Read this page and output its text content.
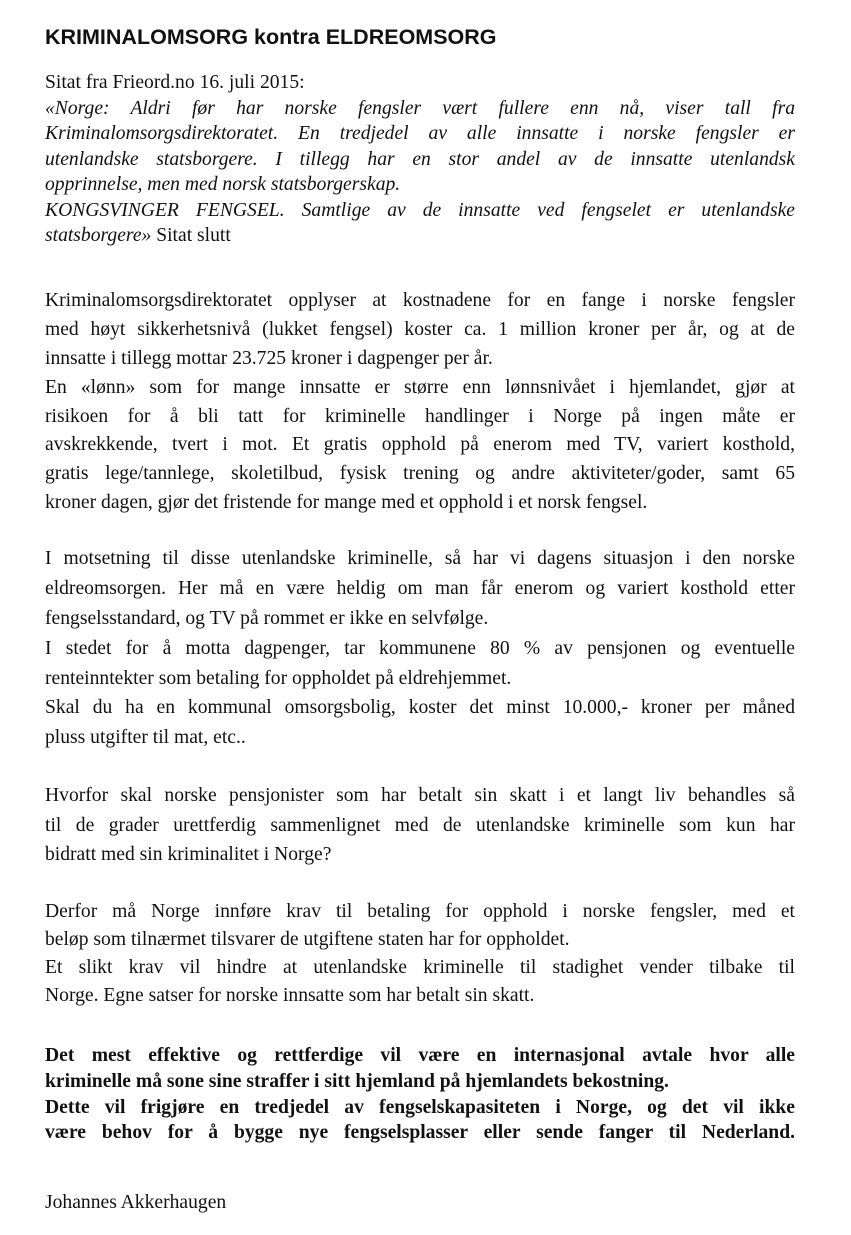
KRIMINALOMSORG kontra ELDREOMSORG
Sitat fra Frieord.no 16. juli 2015:
«Norge: Aldri før har norske fengsler vært fullere enn nå, viser tall fra
Kriminalomsorgsdirektoratet. En tredjedel av alle innsatte i norske fengsler er
utenlandske statsborgere. I tillegg har en stor andel av de innsatte utenlandsk
opprinnelse, men med norsk statsborgerskap.
KONGSVINGER FENGSEL. Samtlige av de innsatte ved fengselet er utenlandske
statsborgere» Sitat slutt
Kriminalomsorgsdirektoratet opplyser at kostnadene for en fange i norske fengsler
med høyt sikkerhetsnivå (lukket fengsel) koster ca. 1 million kroner per år, og at de
innsatte i tillegg mottar 23.725 kroner i dagpenger per år.
En «lønn» som for mange innsatte er større enn lønnsnivået i hjemlandet, gjør at
risikoen for å bli tatt for kriminelle handlinger i Norge på ingen måte er
avskrekkende, tvert i mot. Et gratis opphold på enerom med TV, variert kosthold,
gratis lege/tannlege, skoletilbud, fysisk trening og andre aktiviteter/goder, samt 65
kroner dagen, gjør det fristende for mange med et opphold i et norsk fengsel.
I motsetning til disse utenlandske kriminelle, så har vi dagens situasjon i den norske
eldreomsorgen. Her må en være heldig om man får enerom og variert kosthold etter
fengselsstandard, og TV på rommet er ikke en selvfølge.
I stedet for å motta dagpenger, tar kommunene 80 % av pensjonen og eventuelle
renteinntekter som betaling for oppholdet på eldrehjemmet.
Skal du ha en kommunal omsorgsbolig, koster det minst 10.000,- kroner per måned
pluss utgifter til mat, etc..
Hvorfor skal norske pensjonister som har betalt sin skatt i et langt liv behandles så
til de grader urettferdig sammenlignet med de utenlandske kriminelle som kun har
bidratt med sin kriminalitet i Norge?
Derfor må Norge innføre krav til betaling for opphold i norske fengsler, med et
beløp som tilnærmet tilsvarer de utgiftene staten har for oppholdet.
Et slikt krav vil hindre at utenlandske kriminelle til stadighet vender tilbake til
Norge. Egne satser for norske innsatte som har betalt sin skatt.
Det mest effektive og rettferdige vil være en internasjonal avtale hvor alle
kriminelle må sone sine straffer i sitt hjemland på hjemlandets bekostning.
Dette vil frigjøre en tredjedel av fengselskapasiteten i Norge, og det vil ikke
være behov for å bygge nye fengselsplasser eller sende fanger til Nederland.
Johannes Akkerhaugen
